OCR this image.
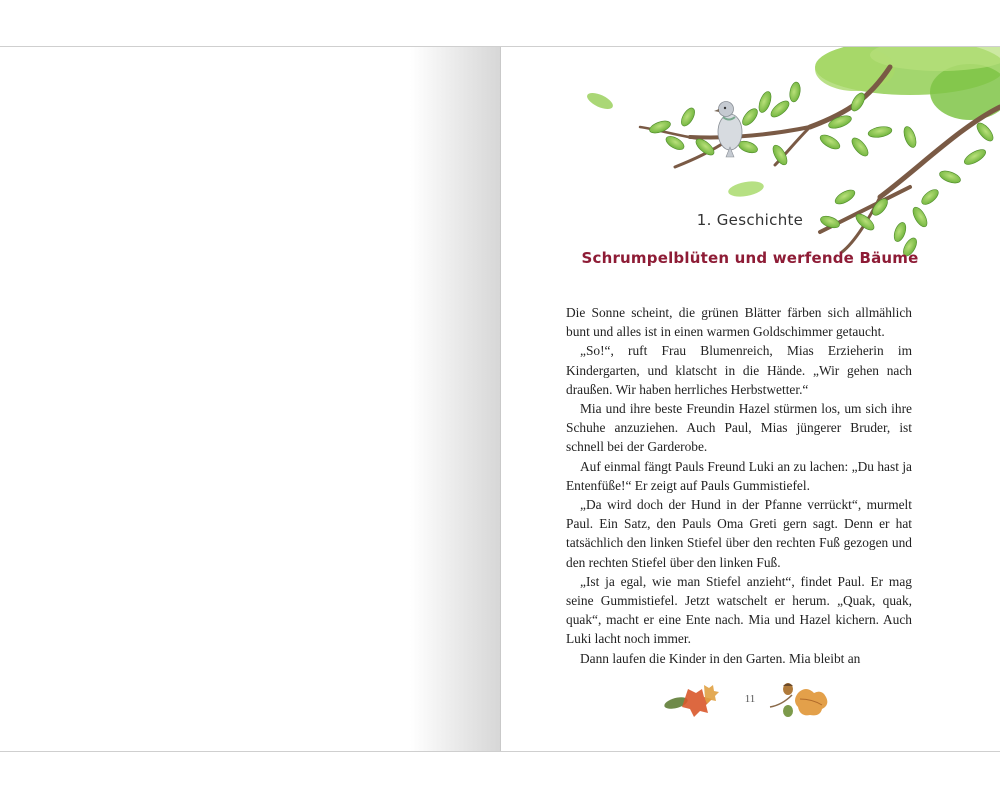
1. Geschichte
Schrumpelblüten und werfende Bäume

Die Sonne scheint, die grünen Blätter färben sich allmählich bunt und alles ist in einen warmen Goldschimmer getaucht.

„So!“, ruft Frau Blumenreich, Mias Erzieherin im Kindergarten, und klatscht in die Hände. „Wir gehen nach draußen. Wir haben herrliches Herbstwetter.“

Mia und ihre beste Freundin Hazel stürmen los, um sich ihre Schuhe anzuziehen. Auch Paul, Mias jüngerer Bruder, ist schnell bei der Garderobe.

Auf einmal fängt Pauls Freund Luki an zu lachen: „Du hast ja Entenfüße!“ Er zeigt auf Pauls Gummistiefel.

„Da wird doch der Hund in der Pfanne verrückt“, murmelt Paul. Ein Satz, den Pauls Oma Greti gern sagt. Denn er hat tatsächlich den linken Stiefel über den rechten Fuß gezogen und den rechten Stiefel über den linken Fuß.

„Ist ja egal, wie man Stiefel anzieht“, findet Paul. Er mag seine Gummistiefel. Jetzt watschelt er herum. „Quak, quak, quak“, macht er eine Ente nach. Mia und Hazel kichern. Auch Luki lacht noch immer.

Dann laufen die Kinder in den Garten. Mia bleibt an

11
